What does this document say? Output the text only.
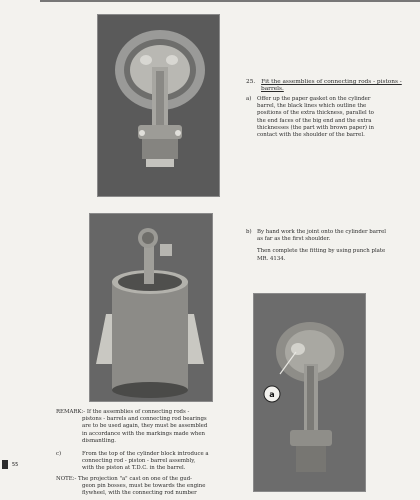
25. Fit the assemblies of connecting rods - pistons -
barrels.
a) Offer up the paper gasket on the cylinder
barrel, the black lines which outline the
positions of the extra thickness, parallel to
the end faces of the big end and the extra
thicknesses (the part with brown paper) in
contact with the shoulder of the barrel.
b) By hand work the joint onto the cylinder barrel
as far as the first shoulder.
Then complete the fitting by using punch plate
MR. 4134.
a
REMARK:- If the assemblies of connecting rods -
pistons - barrels and connecting rod bearings
are to be used again, they must be assembled
in accordance with the markings made when
dismantling.
55
c)	From the top of the cylinder block introduce a
connecting rod - piston - barrel assembly,
with the piston at T.D.C. in the barrel.
NOTE:- The projection "a" cast on one of the gud-
geon pin bosses, must be towards the engine
flywheel, with the connecting rod number
